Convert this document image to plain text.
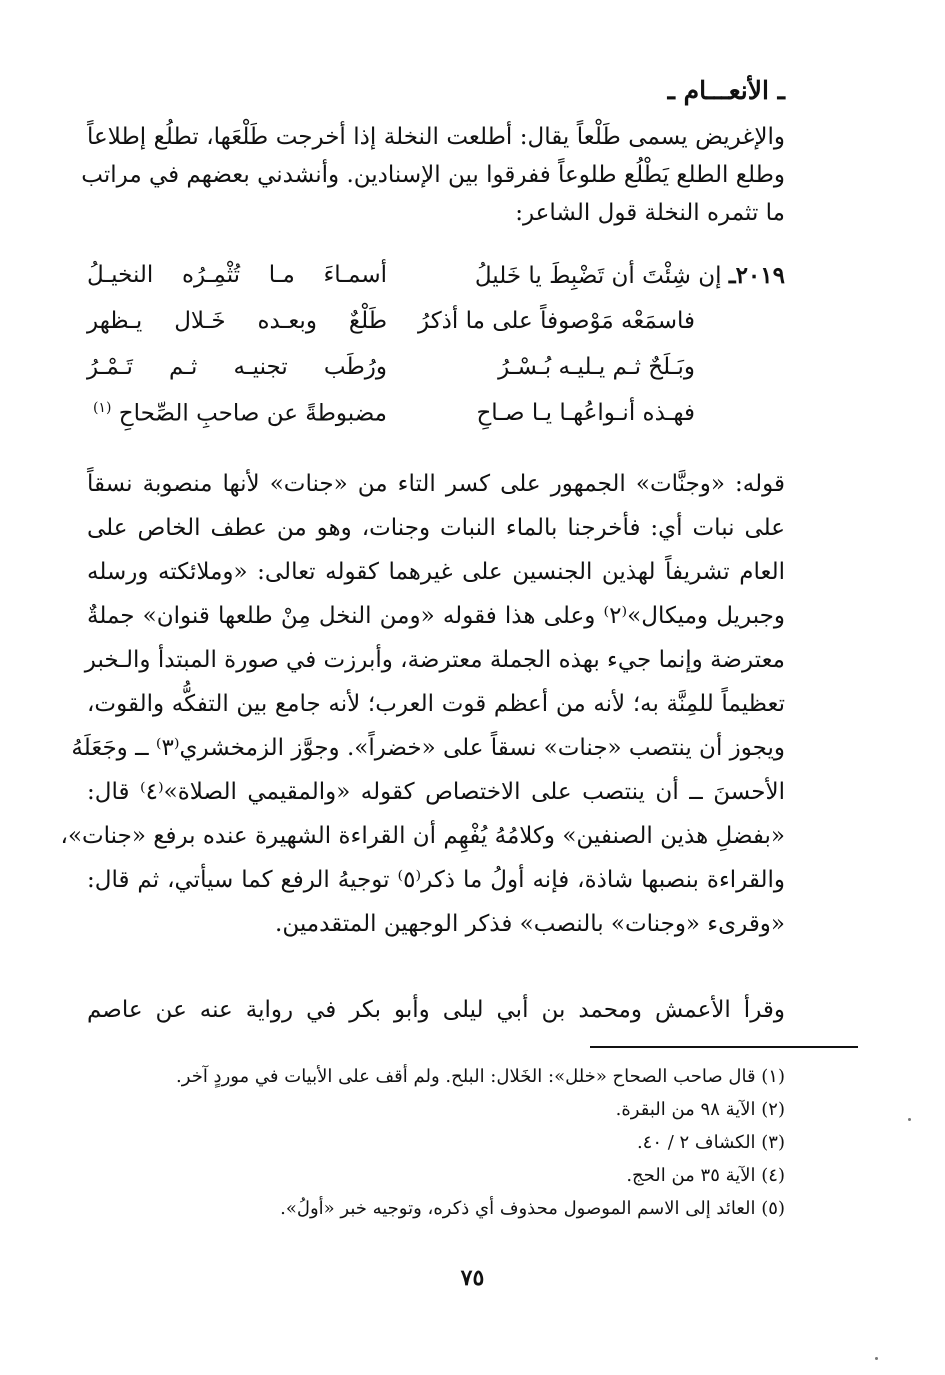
ـ الأنعـــام ـ
والإغريض يسمى طَلْعاً يقال: أطلعت النخلة إذا أخرجت طَلْعَها، تطلُع إطلاعاً
وطلع الطلع يَطْلُع طلوعاً ففرقوا بين الإسنادين. وأنشدني بعضهم في مراتب
ما تثمره النخلة قول الشاعر:
٢٠١٩ـ إن شِئْتَ أن تَضْبِطَ يا خَليلُ
أسمـاءَ مـا تُثْمِـرُه النخيـلُ
فاسمَعْه مَوْصوفاً على ما أذكرُ
طَلْعٌ وبعـده خَـلال يـظهر
وبَـلَحٌ ثـم يـليـه بُـسْـرُ
ورُطَب تجنيـه ثـم تَـمْـرُ
فهـذه أنـواعُهـا يـا صـاحِ
مضبوطةً عن صاحبِ الصِّحاحِ $^{(١)}$
قوله: «وجنَّات» الجمهور على كسر التاء من «جنات» لأنها منصوبة نسقاً
على نبات أي: فأخرجنا بالماء النبات وجنات، وهو من عطف الخاص على
العام تشريفاً لهذين الجنسين على غيرهما كقوله تعالى: «وملائكته ورسله
وجبريل وميكال»⁽٢⁾ وعلى هذا فقوله «ومن النخل مِنْ طلعها قنوان» جملةٌ
معترضة وإنما جيء بهذه الجملة معترضة، وأبرزت في صورة المبتدأ والـخبر
تعظيماً للمِنَّة به؛ لأنه من أعظم قوت العرب؛ لأنه جامع بين التفكُّه والقوت،
ويجوز أن ينتصب «جنات» نسقاً على «خضراً». وجوَّز الزمخشري⁽٣⁾ ــ وجَعَلَهُ
الأحسنَ ــ أن ينتصب على الاختصاص كقوله «والمقيمي الصلاة»⁽٤⁾ قال:
«بفضلِ هذين الصنفين» وكلامُهُ يُفْهِم أن القراءة الشهيرة عنده برفع «جنات»،
والقراءة بنصبها شاذة، فإنه أولُ ما ذكر⁽٥⁾ توجيهُ الرفع كما سيأتي، ثم قال:
«وقرىء «وجنات» بالنصب» فذكر الوجهين المتقدمين.
وقرأ الأعمش ومحمد بن أبي ليلى وأبو بكر في رواية عنه عن عاصم
(١) قال صاحب الصحاح «خلل»: الخَلال: البلح. ولم أقف على الأبيات في موردٍ آخر.
(٢) الآية ٩٨ من البقرة.
(٣) الكشاف ٢ / ٤٠.
(٤) الآية ٣٥ من الحج.
(٥) العائد إلى الاسم الموصول محذوف أي ذكره، وتوجيه خبر «أولُ».
٧٥
